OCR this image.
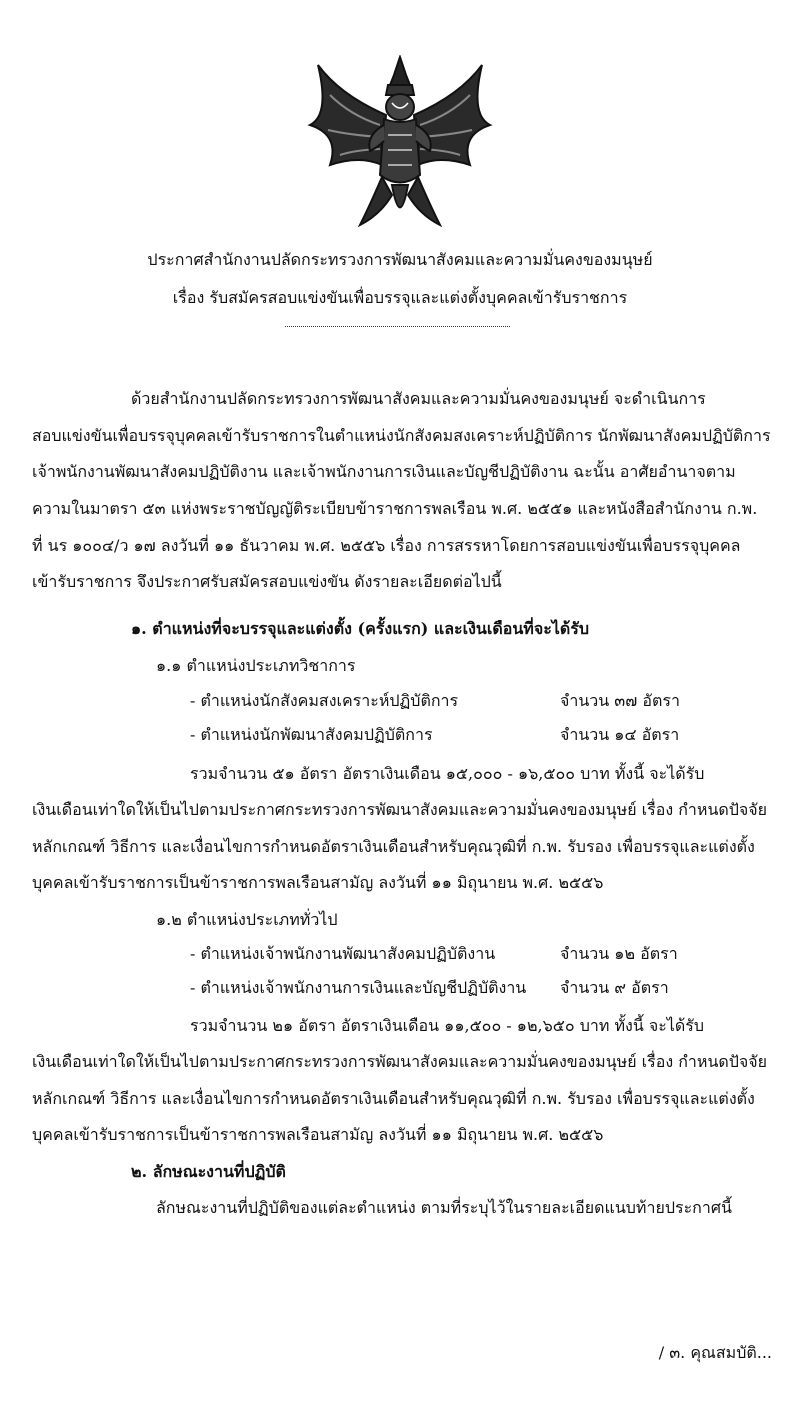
ประกาศสำนักงานปลัดกระทรวงการพัฒนาสังคมและความมั่นคงของมนุษย์
เรื่อง รับสมัครสอบแข่งขันเพื่อบรรจุและแต่งตั้งบุคคลเข้ารับราชการ
ด้วยสำนักงานปลัดกระทรวงการพัฒนาสังคมและความมั่นคงของมนุษย์ จะดำเนินการ
สอบแข่งขันเพื่อบรรจุบุคคลเข้ารับราชการในตำแหน่งนักสังคมสงเคราะห์ปฏิบัติการ นักพัฒนาสังคมปฏิบัติการ
เจ้าพนักงานพัฒนาสังคมปฏิบัติงาน และเจ้าพนักงานการเงินและบัญชีปฏิบัติงาน ฉะนั้น อาศัยอำนาจตาม
ความในมาตรา ๕๓ แห่งพระราชบัญญัติระเบียบข้าราชการพลเรือน พ.ศ. ๒๕๕๑ และหนังสือสำนักงาน ก.พ.
ที่ นร ๑๐๐๔/ว ๑๗ ลงวันที่ ๑๑ ธันวาคม พ.ศ. ๒๕๕๖ เรื่อง การสรรหาโดยการสอบแข่งขันเพื่อบรรจุบุคคล
เข้ารับราชการ จึงประกาศรับสมัครสอบแข่งขัน ดังรายละเอียดต่อไปนี้
๑. ตำแหน่งที่จะบรรจุและแต่งตั้ง (ครั้งแรก) และเงินเดือนที่จะได้รับ
๑.๑ ตำแหน่งประเภทวิชาการ
- ตำแหน่งนักสังคมสงเคราะห์ปฏิบัติการ	จำนวน ๓๗ อัตรา
- ตำแหน่งนักพัฒนาสังคมปฏิบัติการ	จำนวน ๑๔ อัตรา
รวมจำนวน ๕๑ อัตรา อัตราเงินเดือน ๑๕,๐๐๐ - ๑๖,๕๐๐ บาท ทั้งนี้ จะได้รับ
เงินเดือนเท่าใดให้เป็นไปตามประกาศกระทรวงการพัฒนาสังคมและความมั่นคงของมนุษย์ เรื่อง กำหนดปัจจัย
หลักเกณฑ์ วิธีการ และเงื่อนไขการกำหนดอัตราเงินเดือนสำหรับคุณวุฒิที่ ก.พ. รับรอง เพื่อบรรจุและแต่งตั้ง
บุคคลเข้ารับราชการเป็นข้าราชการพลเรือนสามัญ ลงวันที่ ๑๑ มิถุนายน พ.ศ. ๒๕๕๖
๑.๒ ตำแหน่งประเภททั่วไป
- ตำแหน่งเจ้าพนักงานพัฒนาสังคมปฏิบัติงาน	จำนวน ๑๒ อัตรา
- ตำแหน่งเจ้าพนักงานการเงินและบัญชีปฏิบัติงาน จำนวน ๙ อัตรา
รวมจำนวน ๒๑ อัตรา อัตราเงินเดือน ๑๑,๕๐๐ - ๑๒,๖๕๐ บาท ทั้งนี้ จะได้รับ
เงินเดือนเท่าใดให้เป็นไปตามประกาศกระทรวงการพัฒนาสังคมและความมั่นคงของมนุษย์ เรื่อง กำหนดปัจจัย
หลักเกณฑ์ วิธีการ และเงื่อนไขการกำหนดอัตราเงินเดือนสำหรับคุณวุฒิที่ ก.พ. รับรอง เพื่อบรรจุและแต่งตั้ง
บุคคลเข้ารับราชการเป็นข้าราชการพลเรือนสามัญ ลงวันที่ ๑๑ มิถุนายน พ.ศ. ๒๕๕๖
๒. ลักษณะงานที่ปฏิบัติ
ลักษณะงานที่ปฏิบัติของแต่ละตำแหน่ง ตามที่ระบุไว้ในรายละเอียดแนบท้ายประกาศนี้
/ ๓. คุณสมบัติ...
